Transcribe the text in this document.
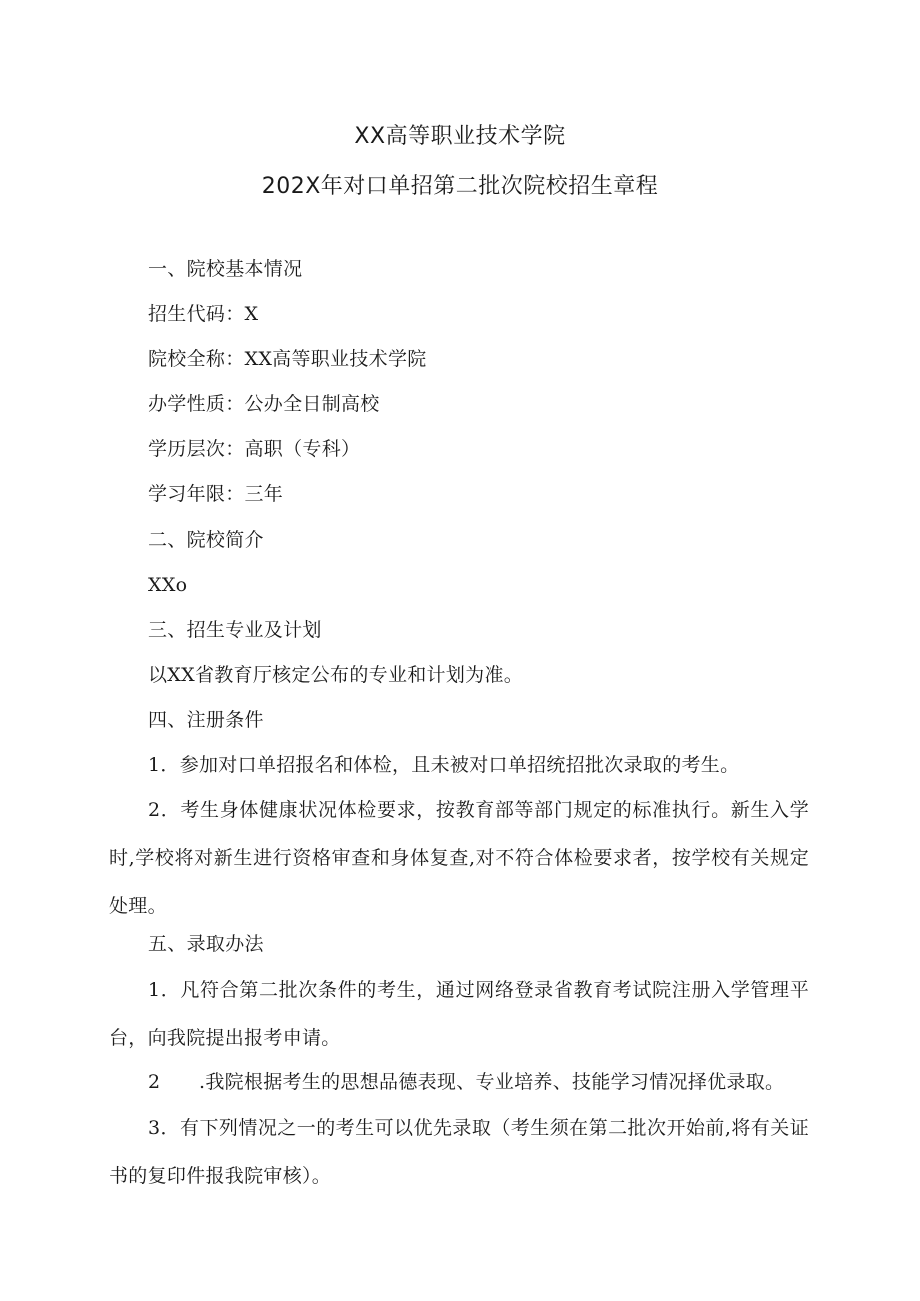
XX高等职业技术学院
202X年对口单招第二批次院校招生章程
一、院校基本情况
招生代码：X
院校全称：XX高等职业技术学院
办学性质：公办全日制高校
学历层次：高职（专科）
学习年限：三年
二、院校简介
XXo
三、招生专业及计划
以XX省教育厅核定公布的专业和计划为准。
四、注册条件
1．参加对口单招报名和体检，且未被对口单招统招批次录取的考生。
2．考生身体健康状况体检要求，按教育部等部门规定的标准执行。新生入学时,学校将对新生进行资格审查和身体复查,对不符合体检要求者，按学校有关规定处理。
五、录取办法
1．凡符合第二批次条件的考生，通过网络登录省教育考试院注册入学管理平台，向我院提出报考申请。
2　　.我院根据考生的思想品德表现、专业培养、技能学习情况择优录取。
3．有下列情况之一的考生可以优先录取（考生须在第二批次开始前,将有关证书的复印件报我院审核）。
